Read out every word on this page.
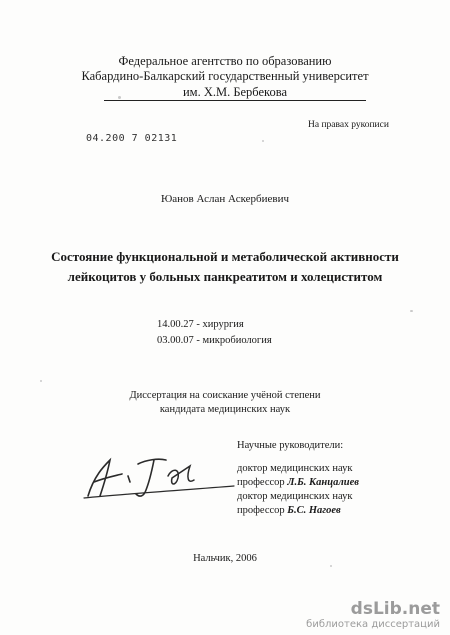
Федеральное агентство по образованию
Кабардино-Балкарский государственный университет
им. Х.М. Бербекова
На правах рукописи
04.200 7 02131
Юанов Аслан Аскербиевич
Состояние функциональной и метаболической активности
лейкоцитов у больных панкреатитом и холециститом
14.00.27 - хирургия
03.00.07 - микробиология
Диссертация на соискание учёной степени
кандидата медицинских наук
Научные руководители:
доктор медицинских наук
профессор Л.Б. Канцалиев
доктор медицинских наук
профессор Б.С. Нагоев
Нальчик, 2006
dsLib.net
библиотека диссертаций
